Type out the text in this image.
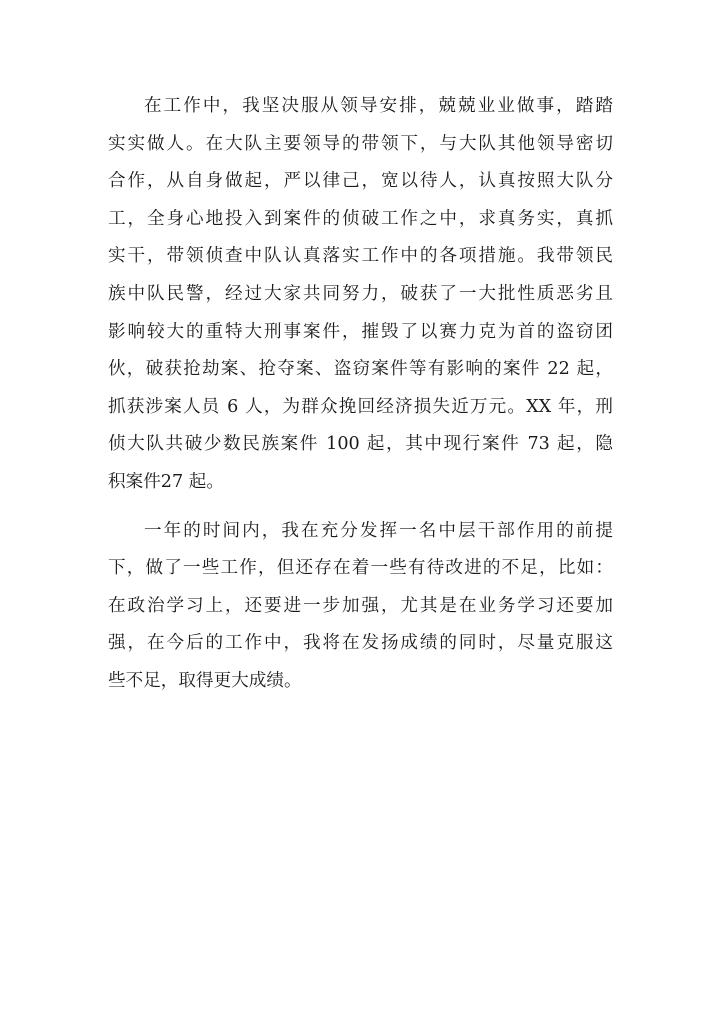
在工作中，我坚决服从领导安排，兢兢业业做事，踏踏
实实做人。在大队主要领导的带领下，与大队其他领导密切
合作，从自身做起，严以律己，宽以待人，认真按照大队分
工，全身心地投入到案件的侦破工作之中，求真务实，真抓
实干，带领侦查中队认真落实工作中的各项措施。我带领民
族中队民警，经过大家共同努力，破获了一大批性质恶劣且
影响较大的重特大刑事案件，摧毁了以赛力克为首的盗窃团
伙，破获抢劫案、抢夺案、盗窃案件等有影响的案件 22 起，
抓获涉案人员 6 人，为群众挽回经济损失近万元。XX 年，刑
侦大队共破少数民族案件 100 起，其中现行案件 73 起，隐
积案件27 起。
一年的时间内，我在充分发挥一名中层干部作用的前提
下，做了一些工作，但还存在着一些有待改进的不足，比如：
在政治学习上，还要进一步加强，尤其是在业务学习还要加
强，在今后的工作中，我将在发扬成绩的同时，尽量克服这
些不足，取得更大成绩。
